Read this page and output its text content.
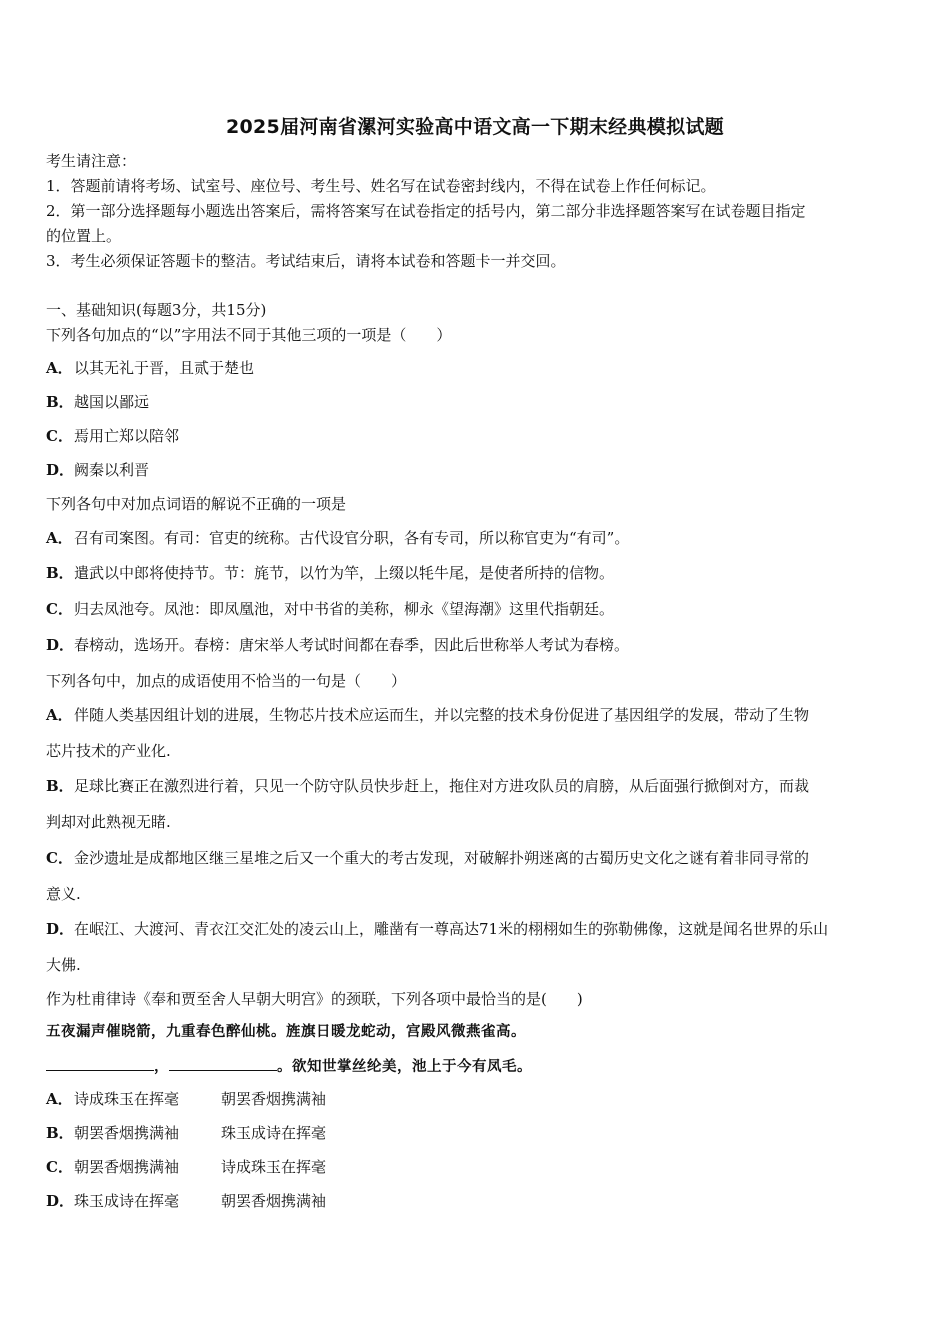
2025届河南省漯河实验高中语文高一下期末经典模拟试题
考生请注意：
1．答题前请将考场、试室号、座位号、考生号、姓名写在试卷密封线内，不得在试卷上作任何标记。
2．第一部分选择题每小题选出答案后，需将答案写在试卷指定的括号内，第二部分非选择题答案写在试卷题目指定
的位置上。
3．考生必须保证答题卡的整洁。考试结束后，请将本试卷和答题卡一并交回。
一、基础知识(每题3分，共15分)
下列各句加点的“以”字用法不同于其他三项的一项是（　　）
A．以其无礼于晋，且贰于楚也
B．越国以鄙远
C．焉用亡郑以陪邻
D．阙秦以利晋
下列各句中对加点词语的解说不正确的一项是
A．召有司案图。有司：官吏的统称。古代设官分职，各有专司，所以称官吏为“有司”。
B．遣武以中郎将使持节。节：旄节，以竹为竿，上缀以牦牛尾，是使者所持的信物。
C．归去凤池夸。凤池：即凤凰池，对中书省的美称，柳永《望海潮》这里代指朝廷。
D．春榜动，选场开。春榜：唐宋举人考试时间都在春季，因此后世称举人考试为春榜。
下列各句中，加点的成语使用不恰当的一句是（　　）
A．伴随人类基因组计划的进展，生物芯片技术应运而生，并以完整的技术身份促进了基因组学的发展，带动了生物
芯片技术的产业化.
B．足球比赛正在激烈进行着，只见一个防守队员快步赶上，拖住对方进攻队员的肩膀，从后面强行掀倒对方，而裁
判却对此熟视无睹.
C．金沙遗址是成都地区继三星堆之后又一个重大的考古发现，对破解扑朔迷离的古蜀历史文化之谜有着非同寻常的
意义.
D．在岷江、大渡河、青衣江交汇处的凌云山上，雕凿有一尊高达71米的栩栩如生的弥勒佛像，这就是闻名世界的乐山
大佛.
作为杜甫律诗《奉和贾至舍人早朝大明宫》的颈联，下列各项中最恰当的是(　　)
五夜漏声催晓箭，九重春色醉仙桃。旌旗日暖龙蛇动，宫殿风微燕雀高。
，	。欲知世掌丝纶美，池上于今有凤毛。
A．诗成珠玉在挥毫	朝罢香烟携满袖
B．朝罢香烟携满袖	珠玉成诗在挥毫
C．朝罢香烟携满袖	诗成珠玉在挥毫
D．珠玉成诗在挥毫	朝罢香烟携满袖
